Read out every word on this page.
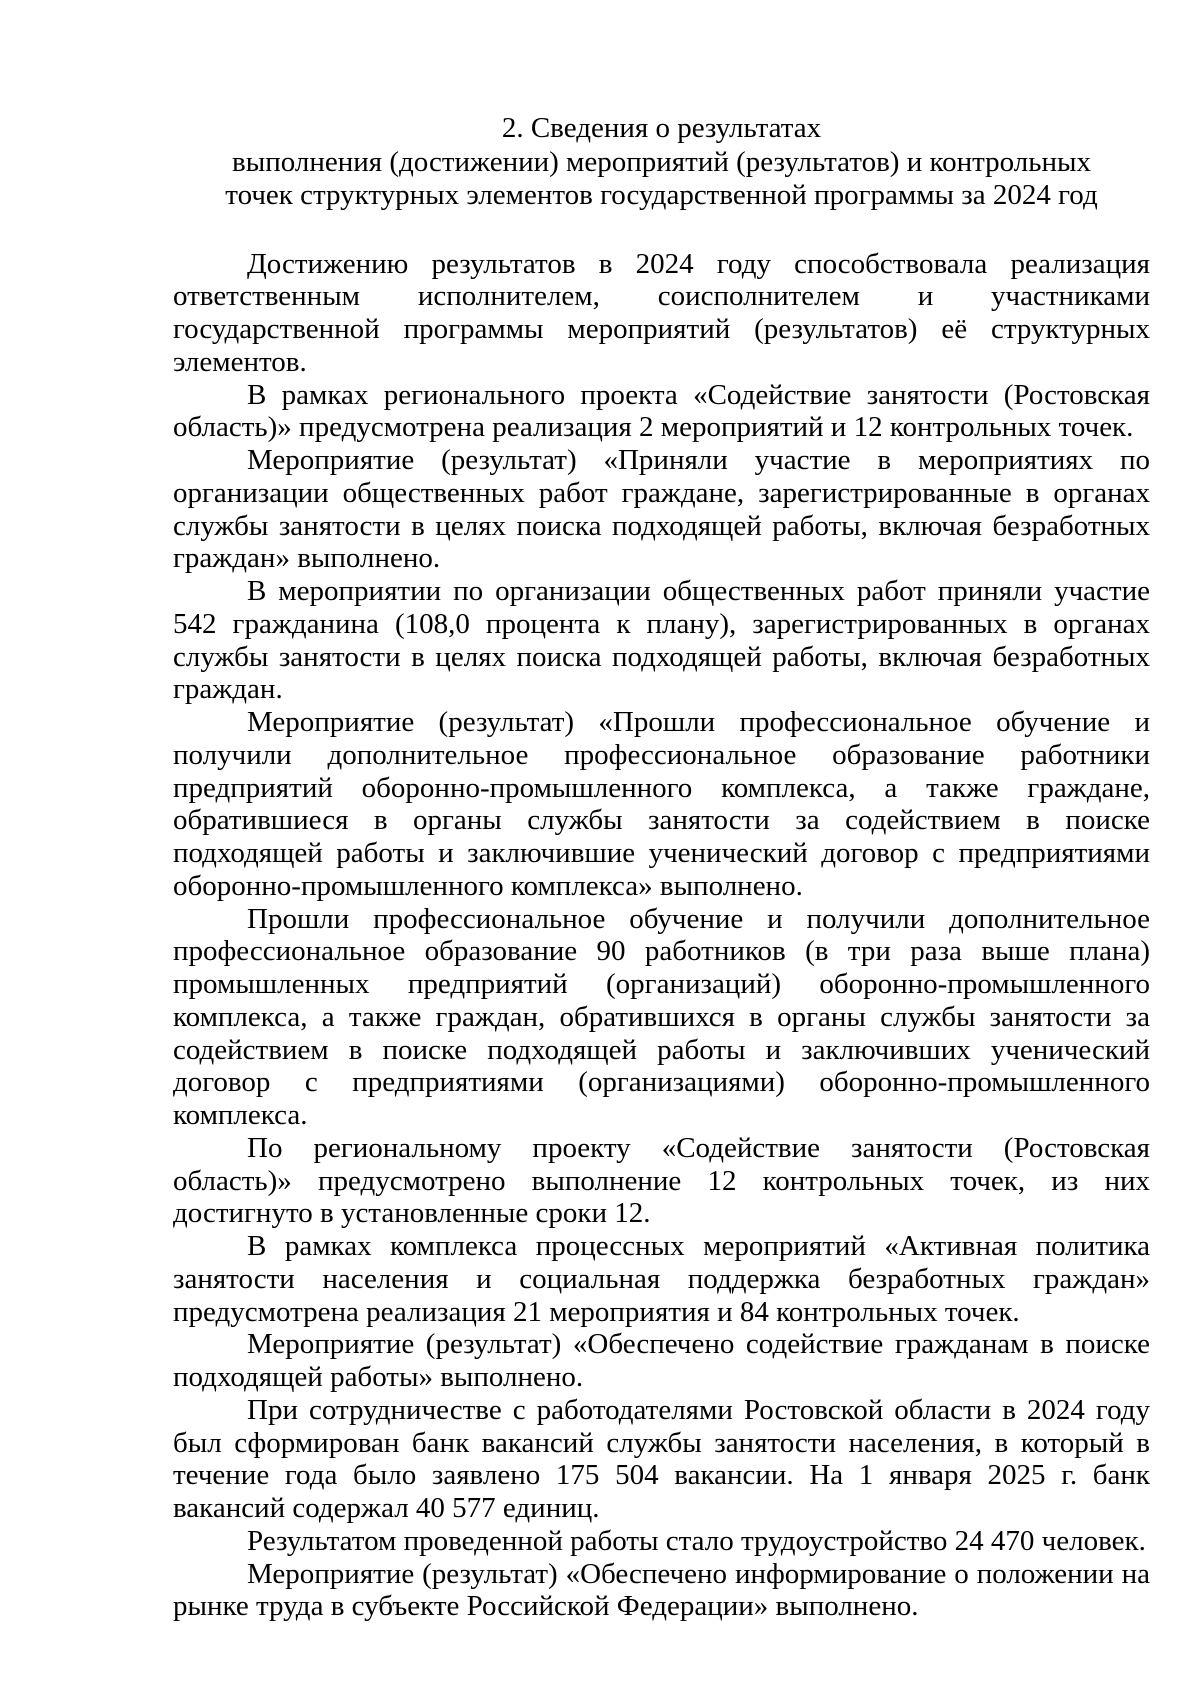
2. Сведения о результатах
выполнения (достижении) мероприятий (результатов) и контрольных
точек структурных элементов государственной программы за 2024 год

Достижению результатов в 2024 году способствовала реализация ответственным исполнителем, соисполнителем и участниками государственной программы мероприятий (результатов) её структурных элементов.

В рамках регионального проекта «Содействие занятости (Ростовская область)» предусмотрена реализация 2 мероприятий и 12 контрольных точек.

Мероприятие (результат) «Приняли участие в мероприятиях по организации общественных работ граждане, зарегистрированные в органах службы занятости в целях поиска подходящей работы, включая безработных граждан» выполнено.

В мероприятии по организации общественных работ приняли участие 542 гражданина (108,0 процента к плану), зарегистрированных в органах службы занятости в целях поиска подходящей работы, включая безработных граждан.

Мероприятие (результат) «Прошли профессиональное обучение и получили дополнительное профессиональное образование работники предприятий оборонно-промышленного комплекса, а также граждане, обратившиеся в органы службы занятости за содействием в поиске подходящей работы и заключившие ученический договор с предприятиями оборонно-промышленного комплекса» выполнено.

Прошли профессиональное обучение и получили дополнительное профессиональное образование 90 работников (в три раза выше плана) промышленных предприятий (организаций) оборонно-промышленного комплекса, а также граждан, обратившихся в органы службы занятости за содействием в поиске подходящей работы и заключивших ученический договор с предприятиями (организациями) оборонно-промышленного комплекса.

По региональному проекту «Содействие занятости (Ростовская область)» предусмотрено выполнение 12 контрольных точек, из них достигнуто в установленные сроки 12.

В рамках комплекса процессных мероприятий «Активная политика занятости населения и социальная поддержка безработных граждан» предусмотрена реализация 21 мероприятия и 84 контрольных точек.

Мероприятие (результат) «Обеспечено содействие гражданам в поиске подходящей работы» выполнено.

При сотрудничестве с работодателями Ростовской области в 2024 году был сформирован банк вакансий службы занятости населения, в который в течение года было заявлено 175 504 вакансии. На 1 января 2025 г. банк вакансий содержал 40 577 единиц.

Результатом проведенной работы стало трудоустройство 24 470 человек.

Мероприятие (результат) «Обеспечено информирование о положении на рынке труда в субъекте Российской Федерации» выполнено.
